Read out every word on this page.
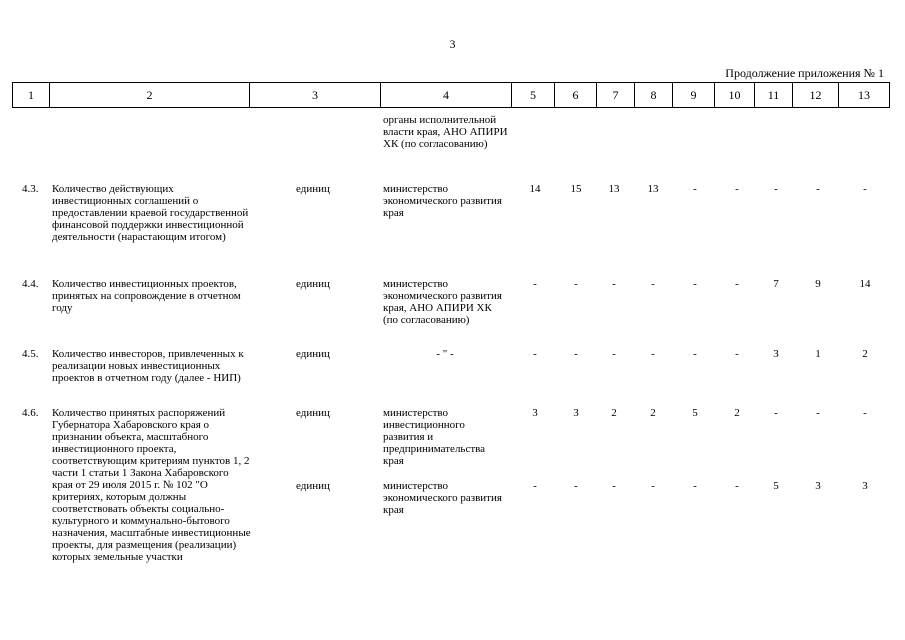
3
Продолжение приложения № 1
1	2	3	4	5	6	7	8	9	10	11	12	13
органы исполнительной власти края, АНО АПИРИ ХК (по согласованию)
4.3. Количество действующих инвестиционных соглашений о предоставлении краевой государственной финансовой поддержки инвестиционной деятельности (нарастающим итогом)
единиц	министерство экономического развития края
14	15	13	13	-	-	-	-	-
4.4. Количество инвестиционных проектов, принятых на сопровождение в отчетном году
единиц	министерство экономического развития края, АНО АПИРИ ХК (по согласованию)
-	-	-	-	-	-	7	9	14
4.5. Количество инвесторов, привлеченных к реализации новых инвестиционных проектов в отчетном году (далее - НИП)
единиц	- " -	-	-	-	-	-	-	3	1	2
4.6. Количество принятых распоряжений Губернатора Хабаровского края о признании объекта, масштабного инвестиционного проекта, соответствующим критериям пунктов 1, 2 части 1 статьи 1 Закона Хабаровского края от 29 июля 2015 г. № 102 "О критериях, которым должны соответствовать объекты социально-культурного и коммунально-бытового назначения, масштабные инвестиционные проекты, для размещения (реализации) которых земельные участки
единиц	министерство инвестиционного развития и предпринимательства края
3	3	2	2	5	2	-	-	-
единиц	министерство экономического развития края
-	-	-	-	-	-	5	3	3
